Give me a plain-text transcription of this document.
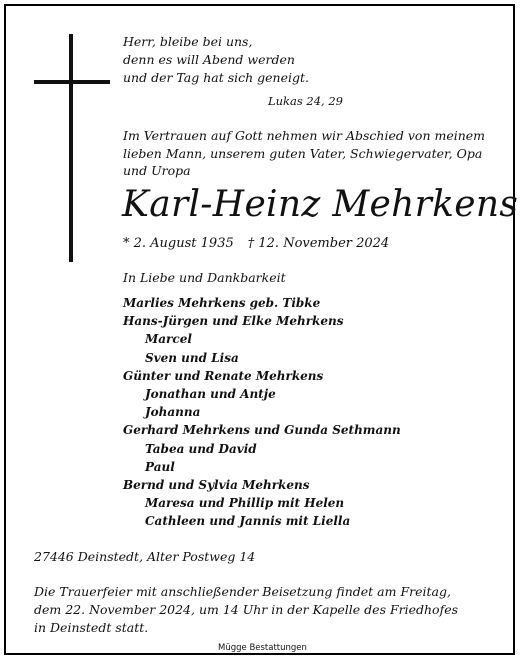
Herr, bleibe bei uns,
denn es will Abend werden
und der Tag hat sich geneigt.
Lukas 24, 29
Im Vertrauen auf Gott nehmen wir Abschied von meinem
lieben Mann, unserem guten Vater, Schwiegervater, Opa
und Uropa
Karl-Heinz Mehrkens
* 2. August 1935 † 12. November 2024
In Liebe und Dankbarkeit
Marlies Mehrkens geb. Tibke
Hans-Jürgen und Elke Mehrkens
Marcel
Sven und Lisa
Günter und Renate Mehrkens
Jonathan und Antje
Johanna
Gerhard Mehrkens und Gunda Sethmann
Tabea und David
Paul
Bernd und Sylvia Mehrkens
Maresa und Phillip mit Helen
Cathleen und Jannis mit Liella
27446 Deinstedt, Alter Postweg 14
Die Trauerfeier mit anschließender Beisetzung findet am Freitag,
dem 22. November 2024, um 14 Uhr in der Kapelle des Friedhofes
in Deinstedt statt.
Mügge Bestattungen
